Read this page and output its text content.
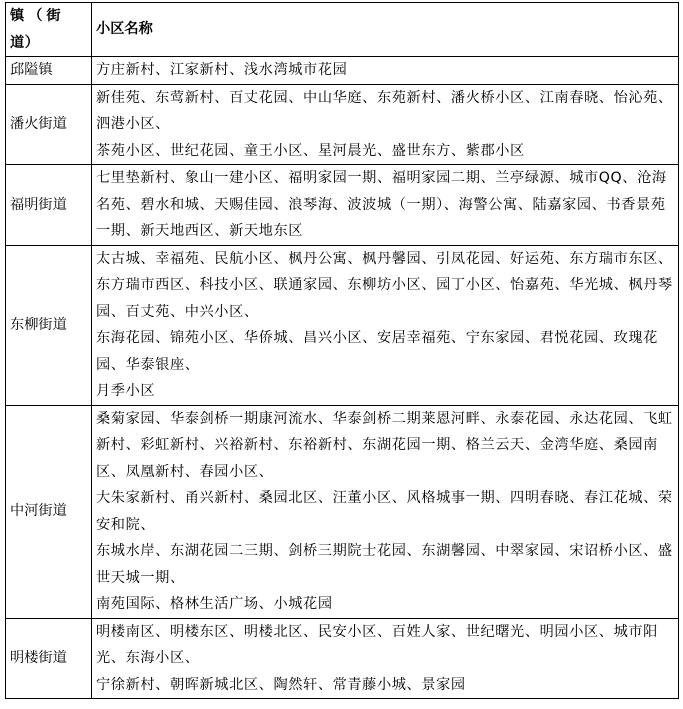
镇（街
道）	小区名称
邱隘镇	方庄新村、江家新村、浅水湾城市花园

潘火街道	新佳苑、东莺新村、百丈花园、中山华庭、东苑新村、潘火桥小区、江南春晓、怡沁苑、泗港小区、
茶苑小区、世纪花园、童王小区、星河晨光、盛世东方、紫郡小区

福明街道	七里垫新村、象山一建小区、福明家园一期、福明家园二期、兰亭绿源、城市QQ、沧海名苑、碧水和城、天赐佳园、浪琴海、波波城（一期）、海警公寓、陆嘉家园、书香景苑一期、新天地西区、新天地东区

东柳街道	太古城、幸福苑、民航小区、枫丹公寓、枫丹馨园、引凤花园、好运苑、东方瑞市东区、东方瑞市西区、科技小区、联通家园、东柳坊小区、园丁小区、怡嘉苑、华光城、枫丹琴园、百丈苑、中兴小区、
东海花园、锦苑小区、华侨城、昌兴小区、安居幸福苑、宁东家园、君悦花园、玫瑰花园、华泰银座、
月季小区

中河街道	桑菊家园、华泰剑桥一期康河流水、华泰剑桥二期莱恩河畔、永泰花园、永达花园、飞虹新村、彩虹新村、兴裕新村、东裕新村、东湖花园一期、格兰云天、金湾华庭、桑园南区、凤凰新村、春园小区、
大朱家新村、甬兴新村、桑园北区、汪董小区、风格城事一期、四明春晓、春江花城、荣安和院、
东城水岸、东湖花园二三期、剑桥三期院士花园、东湖馨园、中翠家园、宋诏桥小区、盛世天城一期、
南苑国际、格林生活广场、小城花园

明楼街道	明楼南区、明楼东区、明楼北区、民安小区、百姓人家、世纪曙光、明园小区、城市阳光、东海小区、
宁徐新村、朝晖新城北区、陶然轩、常青藤小城、景家园
